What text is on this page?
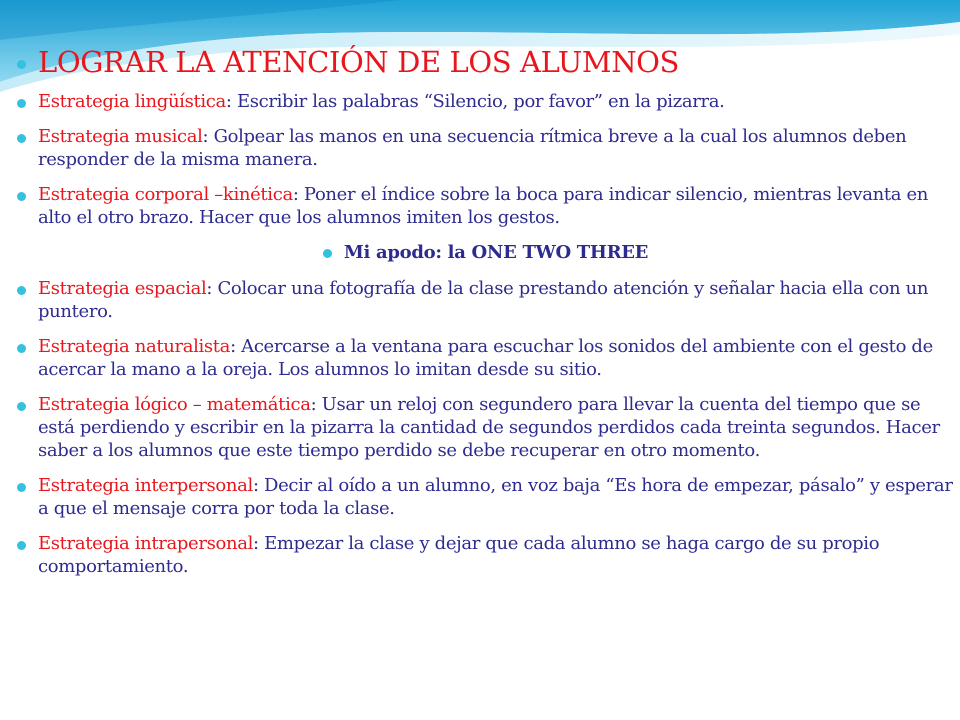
LOGRAR LA ATENCIÓN DE LOS ALUMNOS
Estrategia lingüística: Escribir las palabras “Silencio, por favor” en la pizarra.
Estrategia musical: Golpear las manos en una secuencia rítmica breve a la cual los alumnos deben responder de la misma manera.
Estrategia corporal –kinética: Poner el índice sobre la boca para indicar silencio, mientras levanta en alto el otro brazo. Hacer que los alumnos imiten los gestos.
Mi apodo: la ONE TWO THREE
Estrategia espacial: Colocar una fotografía de la clase prestando atención y señalar hacia ella con un puntero.
Estrategia naturalista: Acercarse a la ventana para escuchar los sonidos del ambiente con el gesto de acercar la mano a la oreja. Los alumnos lo imitan desde su sitio.
Estrategia lógico – matemática: Usar un reloj con segundero para llevar la cuenta del tiempo que se está perdiendo y escribir en la pizarra la cantidad de segundos perdidos cada treinta segundos. Hacer saber a los alumnos que este tiempo perdido se debe recuperar en otro momento.
Estrategia interpersonal: Decir al oído a un alumno, en voz baja “Es hora de empezar, pásalo” y esperar a que el mensaje corra por toda la clase.
Estrategia intrapersonal: Empezar la clase y dejar que cada alumno se haga cargo de su propio comportamiento.
